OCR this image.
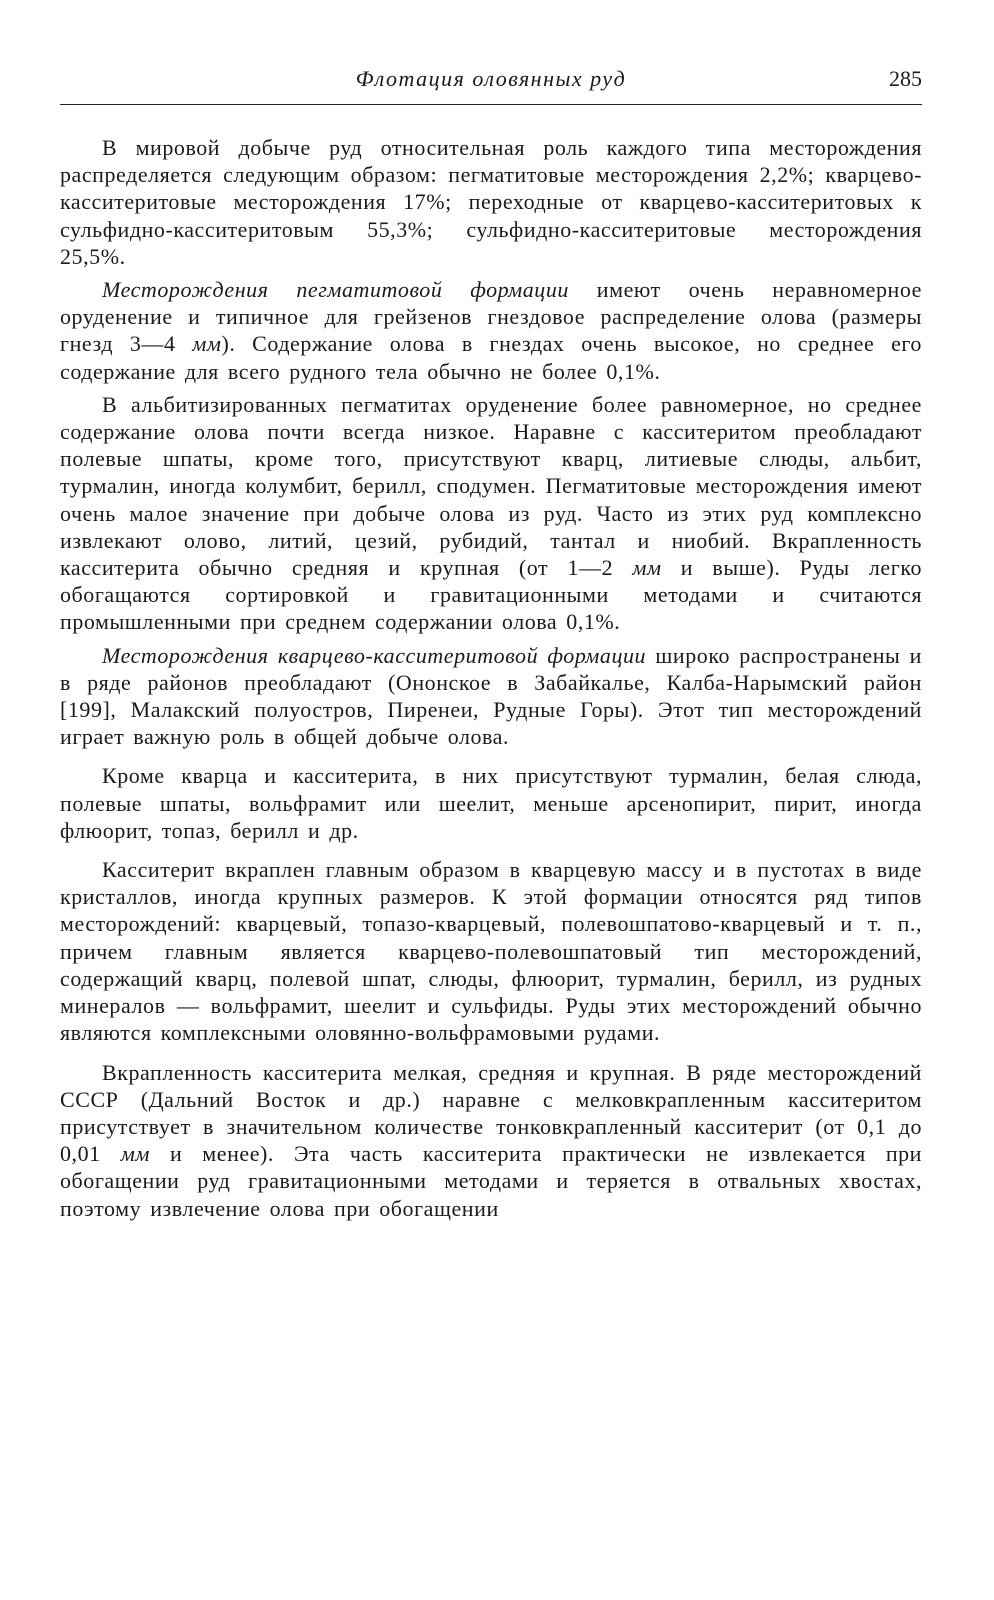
Флотация оловянных руд	285

В мировой добыче руд относительная роль каждого типа месторождения распределяется следующим образом: пегматитовые месторождения 2,2%; кварцево-касситеритовые месторождения 17%; переходные от кварцево-касситеритовых к сульфидно-касситеритовым 55,3%; сульфидно-касситеритовые месторождения 25,5%.

Месторождения пегматитовой формации имеют очень неравномерное оруденение и типичное для грейзенов гнездовое распределение олова (размеры гнезд 3—4 мм). Содержание олова в гнездах очень высокое, но среднее его содержание для всего рудного тела обычно не более 0,1%.

В альбитизированных пегматитах оруденение более равномерное, но среднее содержание олова почти всегда низкое. Наравне с касситеритом преобладают полевые шпаты, кроме того, присутствуют кварц, литиевые слюды, альбит, турмалин, иногда колумбит, берилл, сподумен. Пегматитовые месторождения имеют очень малое значение при добыче олова из руд. Часто из этих руд комплексно извлекают олово, литий, цезий, рубидий, тантал и ниобий. Вкрапленность касситерита обычно средняя и крупная (от 1—2 мм и выше). Руды легко обогащаются сортировкой и гравитационными методами и считаются промышленными при среднем содержании олова 0,1%.

Месторождения кварцево-касситеритовой формации широко распространены и в ряде районов преобладают (Ононское в Забайкалье, Калба-Нарымский район [199], Малакский полуостров, Пиренеи, Рудные Горы). Этот тип месторождений играет важную роль в общей добыче олова.

Кроме кварца и касситерита, в них присутствуют турмалин, белая слюда, полевые шпаты, вольфрамит или шеелит, меньше арсенопирит, пирит, иногда флюорит, топаз, берилл и др.

Касситерит вкраплен главным образом в кварцевую массу и в пустотах в виде кристаллов, иногда крупных размеров. К этой формации относятся ряд типов месторождений: кварцевый, топазо-кварцевый, полевошпатово-кварцевый и т. п., причем главным является кварцево-полевошпатовый тип месторождений, содержащий кварц, полевой шпат, слюды, флюорит, турмалин, берилл, из рудных минералов — вольфрамит, шеелит и сульфиды. Руды этих месторождений обычно являются комплексными оловянно-вольфрамовыми рудами.

Вкрапленность касситерита мелкая, средняя и крупная. В ряде месторождений СССР (Дальний Восток и др.) наравне с мелковкрапленным касситеритом присутствует в значительном количестве тонковкрапленный касситерит (от 0,1 до 0,01 мм и менее). Эта часть касситерита практически не извлекается при обогащении руд гравитационными методами и теряется в отвальных хвостах, поэтому извлечение олова при обогащении
